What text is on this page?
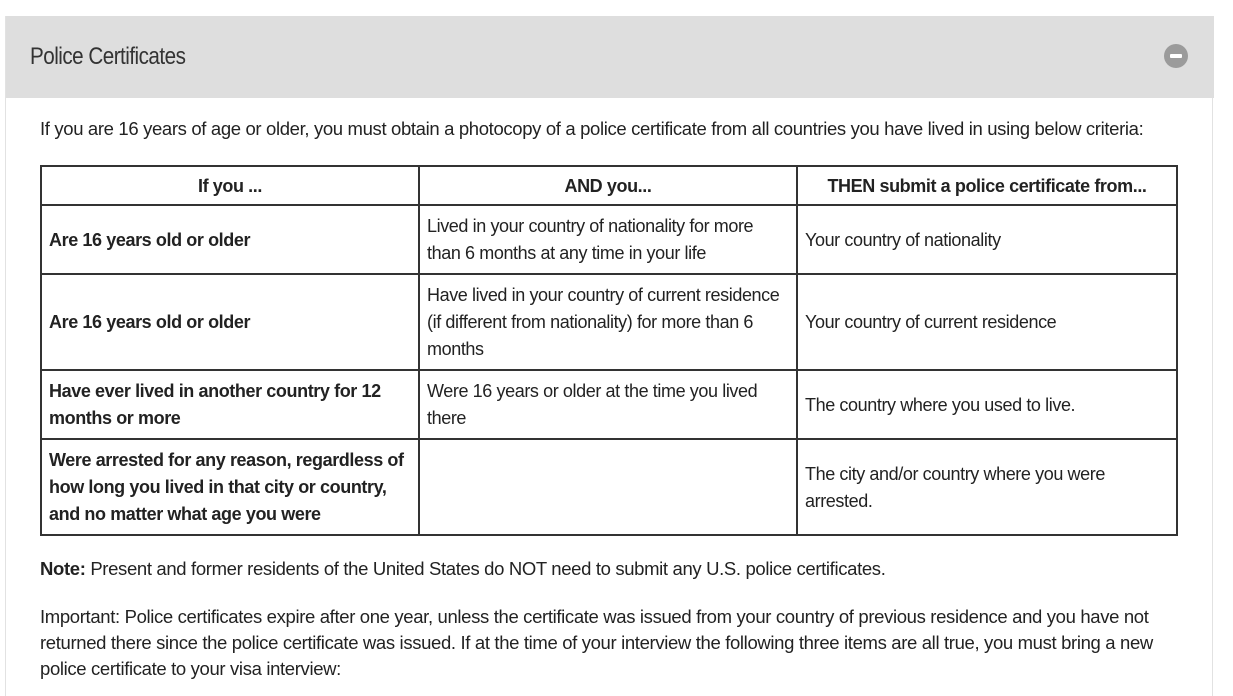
Police Certificates
If you are 16 years of age or older, you must obtain a photocopy of a police certificate from all countries you have lived in using below criteria:
If you ...	AND you...	THEN submit a police certificate from...
Are 16 years old or older	Lived in your country of nationality for more than 6 months at any time in your life	Your country of nationality
Are 16 years old or older	Have lived in your country of current residence (if different from nationality) for more than 6 months	Your country of current residence
Have ever lived in another country for 12 months or more	Were 16 years or older at the time you lived there	The country where you used to live.
Were arrested for any reason, regardless of how long you lived in that city or country, and no matter what age you were		The city and/or country where you were arrested.
Note: Present and former residents of the United States do NOT need to submit any U.S. police certificates.
Important: Police certificates expire after one year, unless the certificate was issued from your country of previous residence and you have not returned there since the police certificate was issued. If at the time of your interview the following three items are all true, you must bring a new police certificate to your visa interview:
